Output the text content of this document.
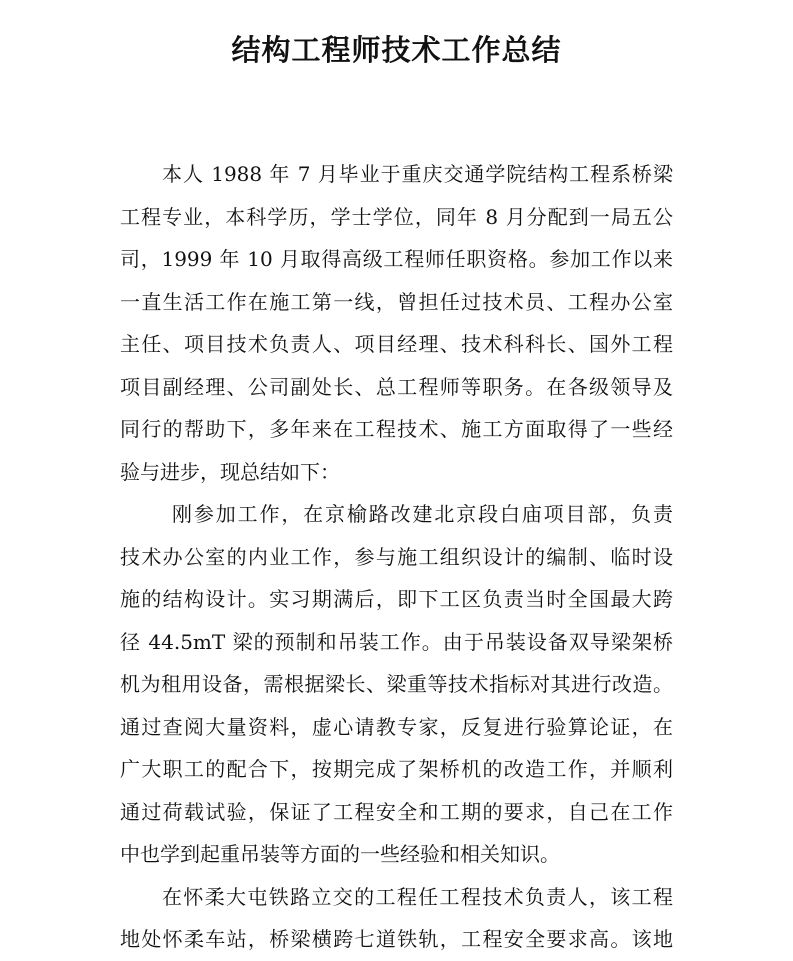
结构工程师技术工作总结
本人 1988 年 7 月毕业于重庆交通学院结构工程系桥梁
工程专业，本科学历，学士学位，同年 8 月分配到一局五公
司，1999 年 10 月取得高级工程师任职资格。参加工作以来
一直生活工作在施工第一线，曾担任过技术员、工程办公室
主任、项目技术负责人、项目经理、技术科科长、国外工程
项目副经理、公司副处长、总工程师等职务。在各级领导及
同行的帮助下，多年来在工程技术、施工方面取得了一些经
验与进步，现总结如下：
刚参加工作，在京榆路改建北京段白庙项目部，负责
技术办公室的内业工作，参与施工组织设计的编制、临时设
施的结构设计。实习期满后，即下工区负责当时全国最大跨
径 44.5mT 梁的预制和吊装工作。由于吊装设备双导梁架桥
机为租用设备，需根据梁长、梁重等技术指标对其进行改造。
通过查阅大量资料，虚心请教专家，反复进行验算论证，在
广大职工的配合下，按期完成了架桥机的改造工作，并顺利
通过荷载试验，保证了工程安全和工期的要求，自己在工作
中也学到起重吊装等方面的一些经验和相关知识。
在怀柔大屯铁路立交的工程任工程技术负责人，该工程
地处怀柔车站，桥梁横跨七道铁轨，工程安全要求高。该地
